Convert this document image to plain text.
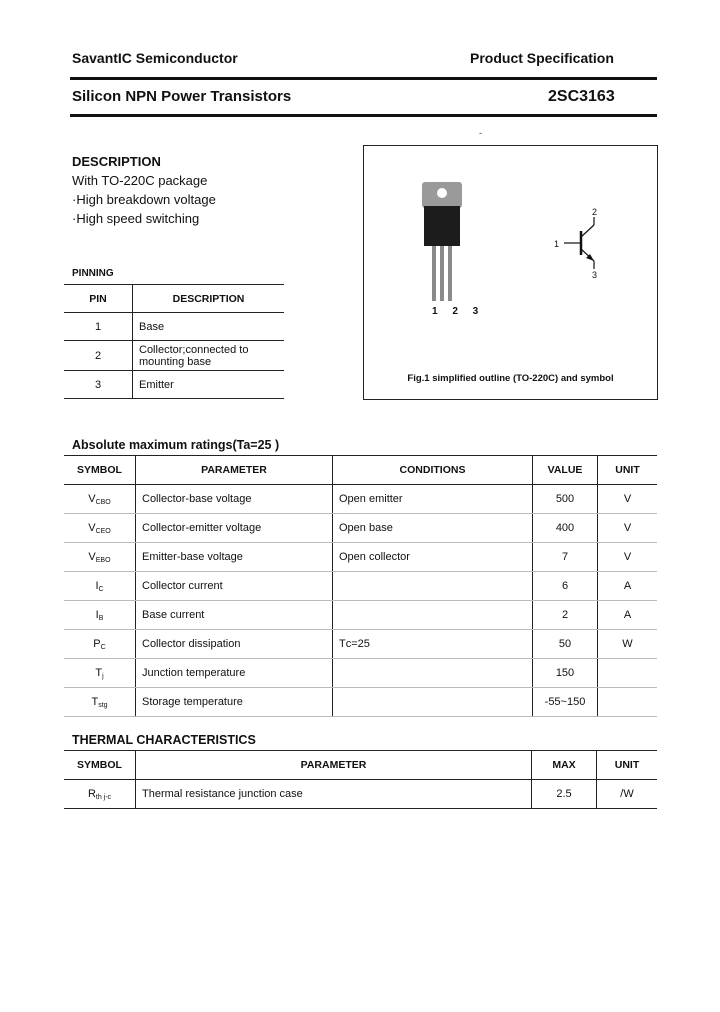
SavantIC Semiconductor	Product Specification
Silicon NPN Power Transistors	2SC3163
-
DESCRIPTION
With TO-220C package
·High breakdown voltage
·High speed switching
PINNING
PIN	DESCRIPTION
1	Base
2	Collector;connected to mounting base
3	Emitter
1 2 3
1
2
3
Fig.1 simplified outline (TO-220C) and symbol
Absolute maximum ratings(Ta=25 )
SYMBOL	PARAMETER	CONDITIONS	VALUE	UNIT
$V_{CBO}$	Collector-base voltage	Open emitter	500	V
$V_{CEO}$	Collector-emitter voltage	Open base	400	V
$V_{EBO}$	Emitter-base voltage	Open collector	7	V
$I_C$	Collector current		6	A
$I_B$	Base current		2	A
$P_C$	Collector dissipation	Tᴄ=25 	50	W
$T_j$	Junction temperature		150	 
$T_{stg}$	Storage temperature		-55~150	 
THERMAL CHARACTERISTICS
SYMBOL	PARAMETER	MAX	UNIT
$R_{th j-c}$	Thermal resistance junction case	2.5	/W
